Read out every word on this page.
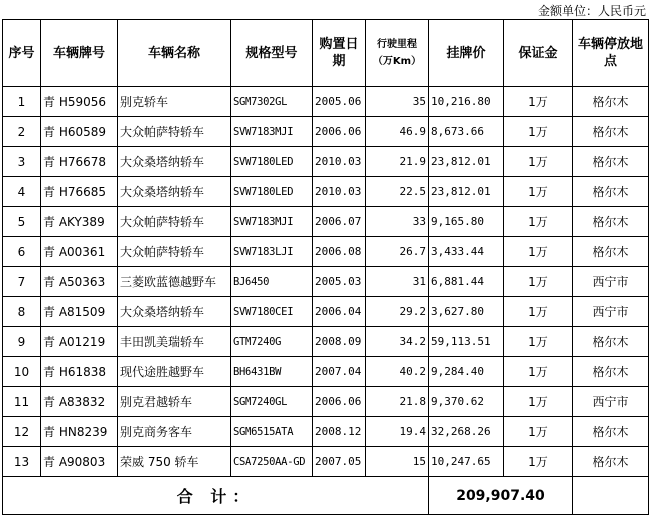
金额单位：人民币元
序号	车辆牌号	车辆名称	规格型号	购置日期	行驶里程（万Km）	挂牌价	保证金	车辆停放地点
1	青 H59056	别克轿车	SGM7302GL	2005.06	35	10,216.80	1万	格尔木
2	青 H60589	大众帕萨特轿车	SVW7183MJI	2006.06	46.9	8,673.66	1万	格尔木
3	青 H76678	大众桑塔纳轿车	SVW7180LED	2010.03	21.9	23,812.01	1万	格尔木
4	青 H76685	大众桑塔纳轿车	SVW7180LED	2010.03	22.5	23,812.01	1万	格尔木
5	青 AKY389	大众帕萨特轿车	SVW7183MJI	2006.07	33	9,165.80	1万	格尔木
6	青 A00361	大众帕萨特轿车	SVW7183LJI	2006.08	26.7	3,433.44	1万	格尔木
7	青 A50363	三菱欧蓝德越野车	BJ6450	2005.03	31	6,881.44	1万	西宁市
8	青 A81509	大众桑塔纳轿车	SVW7180CEI	2006.04	29.2	3,627.80	1万	西宁市
9	青 A01219	丰田凯美瑞轿车	GTM7240G	2008.09	34.2	59,113.51	1万	格尔木
10	青 H61838	现代途胜越野车	BH6431BW	2007.04	40.2	9,284.40	1万	格尔木
11	青 A83832	别克君越轿车	SGM7240GL	2006.06	21.8	9,370.62	1万	西宁市
12	青 HN8239	别克商务客车	SGM6515ATA	2008.12	19.4	32,268.26	1万	格尔木
13	青 A90803	荣威 750 轿车	CSA7250AA-GD	2007.05	15	10,247.65	1万	格尔木
合 计：						209,907.40		
